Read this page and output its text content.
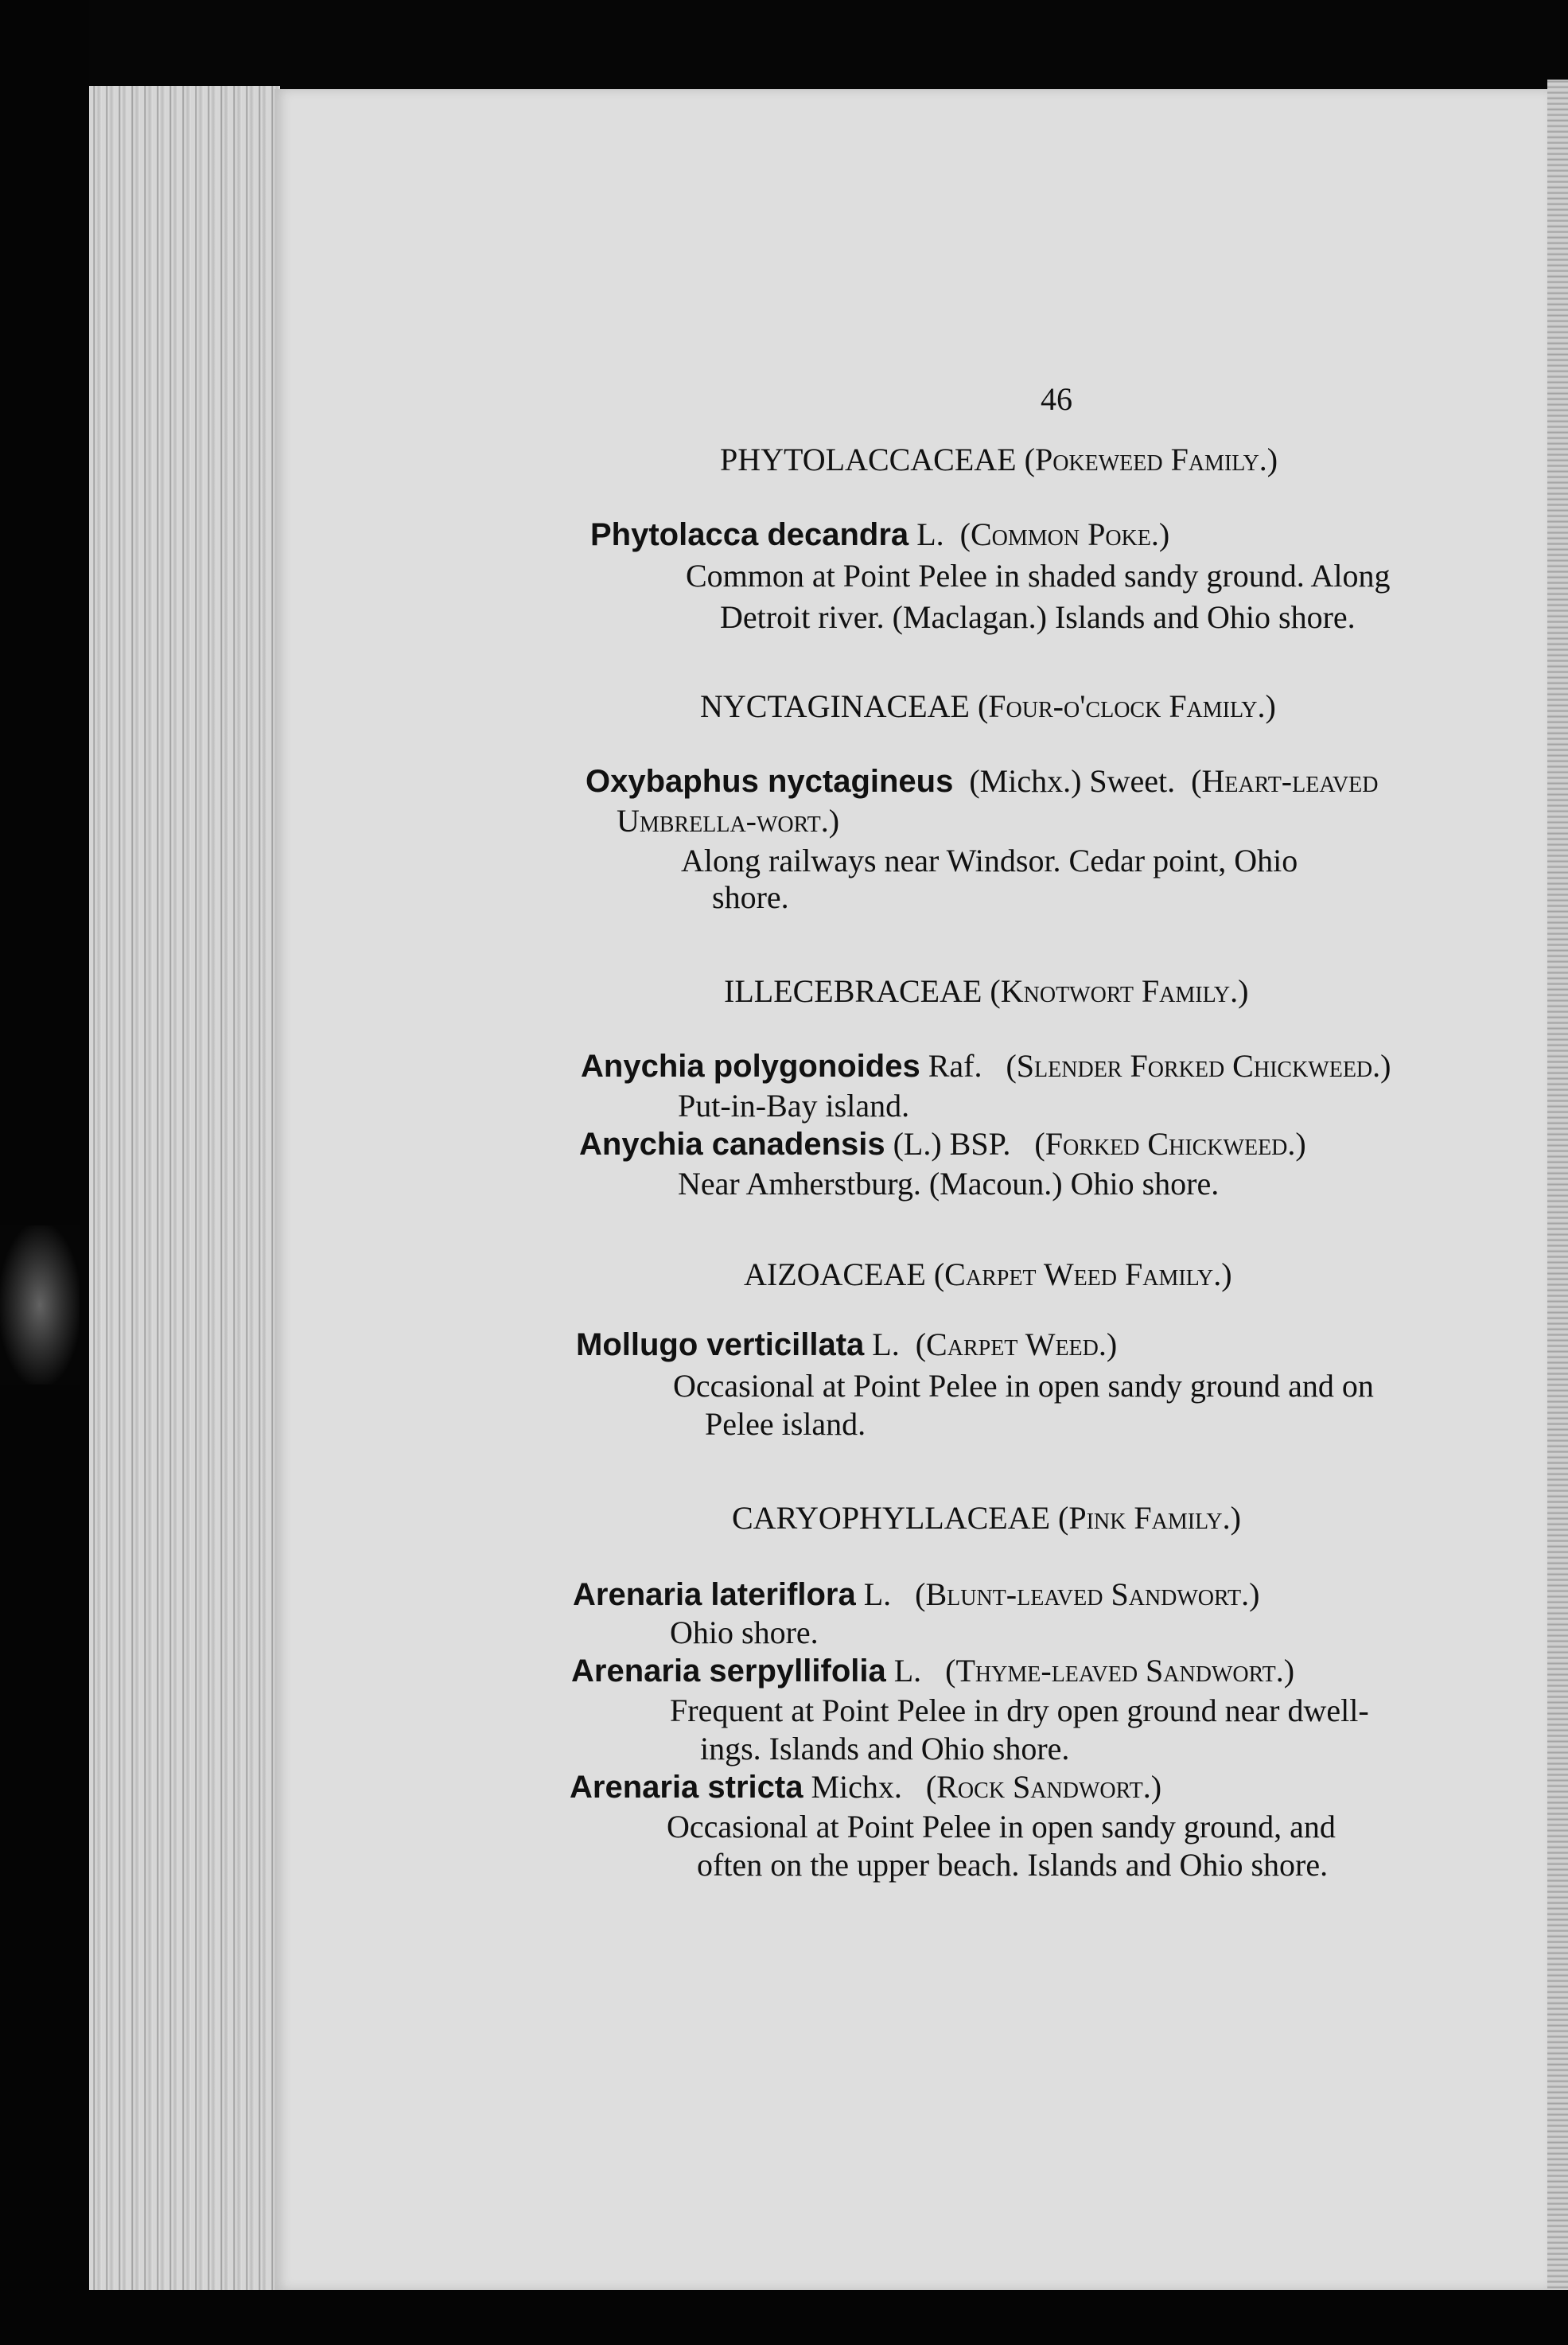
46
PHYTOLACCACEAE (Pokeweed Family.)
Phytolacca decandra L. (Common Poke.)
Common at Point Pelee in shaded sandy ground. Along
Detroit river. (Maclagan.) Islands and Ohio shore.
NYCTAGINACEAE (Four-o'clock Family.)
Oxybaphus nyctagineus (Michx.) Sweet. (Heart-leaved
Umbrella-wort.)
Along railways near Windsor. Cedar point, Ohio
shore.
ILLECEBRACEAE (Knotwort Family.)
Anychia polygonoides Raf. (Slender Forked Chickweed.)
Put-in-Bay island.
Anychia canadensis (L.) BSP. (Forked Chickweed.)
Near Amherstburg. (Macoun.) Ohio shore.
AIZOACEAE (Carpet Weed Family.)
Mollugo verticillata L. (Carpet Weed.)
Occasional at Point Pelee in open sandy ground and on
Pelee island.
CARYOPHYLLACEAE (Pink Family.)
Arenaria lateriflora L. (Blunt-leaved Sandwort.)
Ohio shore.
Arenaria serpyllifolia L. (Thyme-leaved Sandwort.)
Frequent at Point Pelee in dry open ground near dwell-
ings. Islands and Ohio shore.
Arenaria stricta Michx. (Rock Sandwort.)
Occasional at Point Pelee in open sandy ground, and
often on the upper beach. Islands and Ohio shore.
